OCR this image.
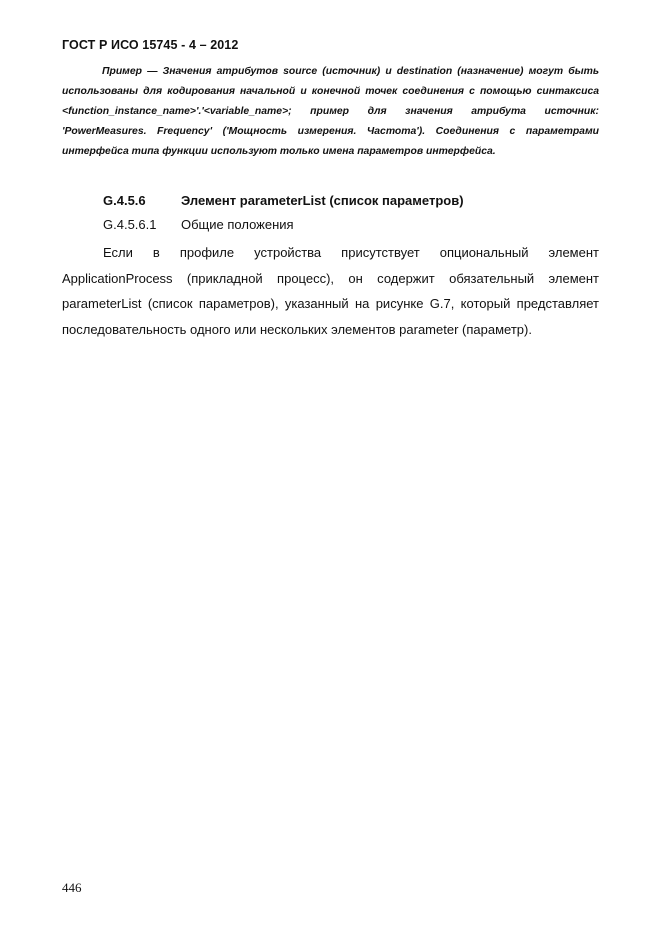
ГОСТ Р ИСО 15745 - 4 – 2012
Пример — Значения атрибутов source (источник) и destination (назначение) могут быть использованы для кодирования начальной и конечной точек соединения с помощью синтаксиса <function_instance_name>'.'<variable_name>; пример для значения атрибута источник: 'PowerMeasures. Frequency' ('Мощность измерения. Частота'). Соединения с параметрами интерфейса типа функции используют только имена параметров интерфейса.
G.4.5.6	Элемент parameterList (список параметров)
G.4.5.6.1 Общие положения
Если в профиле устройства присутствует опциональный элемент ApplicationProcess (прикладной процесс), он содержит обязательный элемент parameterList (список параметров), указанный на рисунке G.7, который представляет последовательность одного или нескольких элементов parameter (параметр).
446
